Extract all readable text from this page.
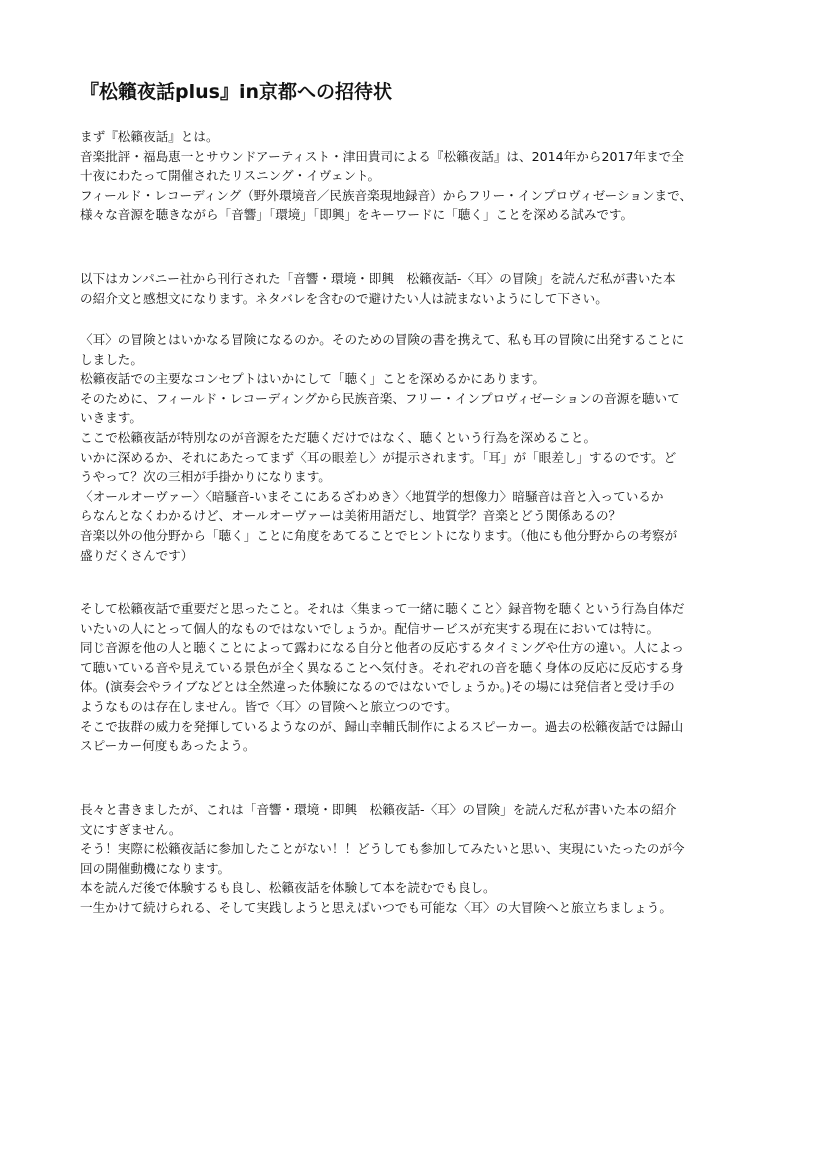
『松籟夜話plus』in京都への招待状
まず『松籟夜話』とは。
音楽批評・福島恵一とサウンドアーティスト・津田貴司による『松籟夜話』は、2014年から2017年まで全
十夜にわたって開催されたリスニング・イヴェント。
フィールド・レコーディング（野外環境音／民族音楽現地録音）からフリー・インプロヴィゼーションまで、
様々な音源を聴きながら「音響」「環境」「即興」をキーワードに「聴く」ことを深める試みです。
以下はカンパニー社から刊行された「音響・環境・即興　松籟夜話-〈耳〉の冒険」を読んだ私が書いた本
の紹介文と感想文になります。ネタバレを含むので避けたい人は読まないようにして下さい。
〈耳〉の冒険とはいかなる冒険になるのか。そのための冒険の書を携えて、私も耳の冒険に出発することに
しました。
松籟夜話での主要なコンセプトはいかにして「聴く」ことを深めるかにあります。
そのために、フィールド・レコーディングから民族音楽、フリー・インプロヴィゼーションの音源を聴いて
いきます。
ここで松籟夜話が特別なのが音源をただ聴くだけではなく、聴くという行為を深めること。
いかに深めるか、それにあたってまず〈耳の眼差し〉が提示されます。「耳」が「眼差し」するのです。ど
うやって？次の三相が手掛かりになります。
〈オールオーヴァー〉〈暗騒音-いまそこにあるざわめき〉〈地質学的想像力〉暗騒音は音と入っているか
らなんとなくわかるけど、オールオーヴァーは美術用語だし、地質学？音楽とどう関係あるの？
音楽以外の他分野から「聴く」ことに角度をあてることでヒントになります。（他にも他分野からの考察が
盛りだくさんです）
そして松籟夜話で重要だと思ったこと。それは〈集まって一緒に聴くこと〉録音物を聴くという行為自体だ
いたいの人にとって個人的なものではないでしょうか。配信サービスが充実する現在においては特に。
同じ音源を他の人と聴くことによって露わになる自分と他者の反応するタイミングや仕方の違い。人によっ
て聴いている音や見えている景色が全く異なることへ気付き。それぞれの音を聴く身体の反応に反応する身
体。(演奏会やライブなどとは全然違った体験になるのではないでしょうか。)その場には発信者と受け手の
ようなものは存在しません。皆で〈耳〉の冒険へと旅立つのです。
そこで抜群の威力を発揮しているようなのが、歸山幸輔氏制作によるスピーカー。過去の松籟夜話では歸山
スピーカー何度もあったよう。
長々と書きましたが、これは「音響・環境・即興　松籟夜話-〈耳〉の冒険」を読んだ私が書いた本の紹介
文にすぎません。
そう！実際に松籟夜話に参加したことがない！！どうしても参加してみたいと思い、実現にいたったのが今
回の開催動機になります。
本を読んだ後で体験するも良し、松籟夜話を体験して本を読むでも良し。
一生かけて続けられる、そして実践しようと思えばいつでも可能な〈耳〉の大冒険へと旅立ちましょう。
